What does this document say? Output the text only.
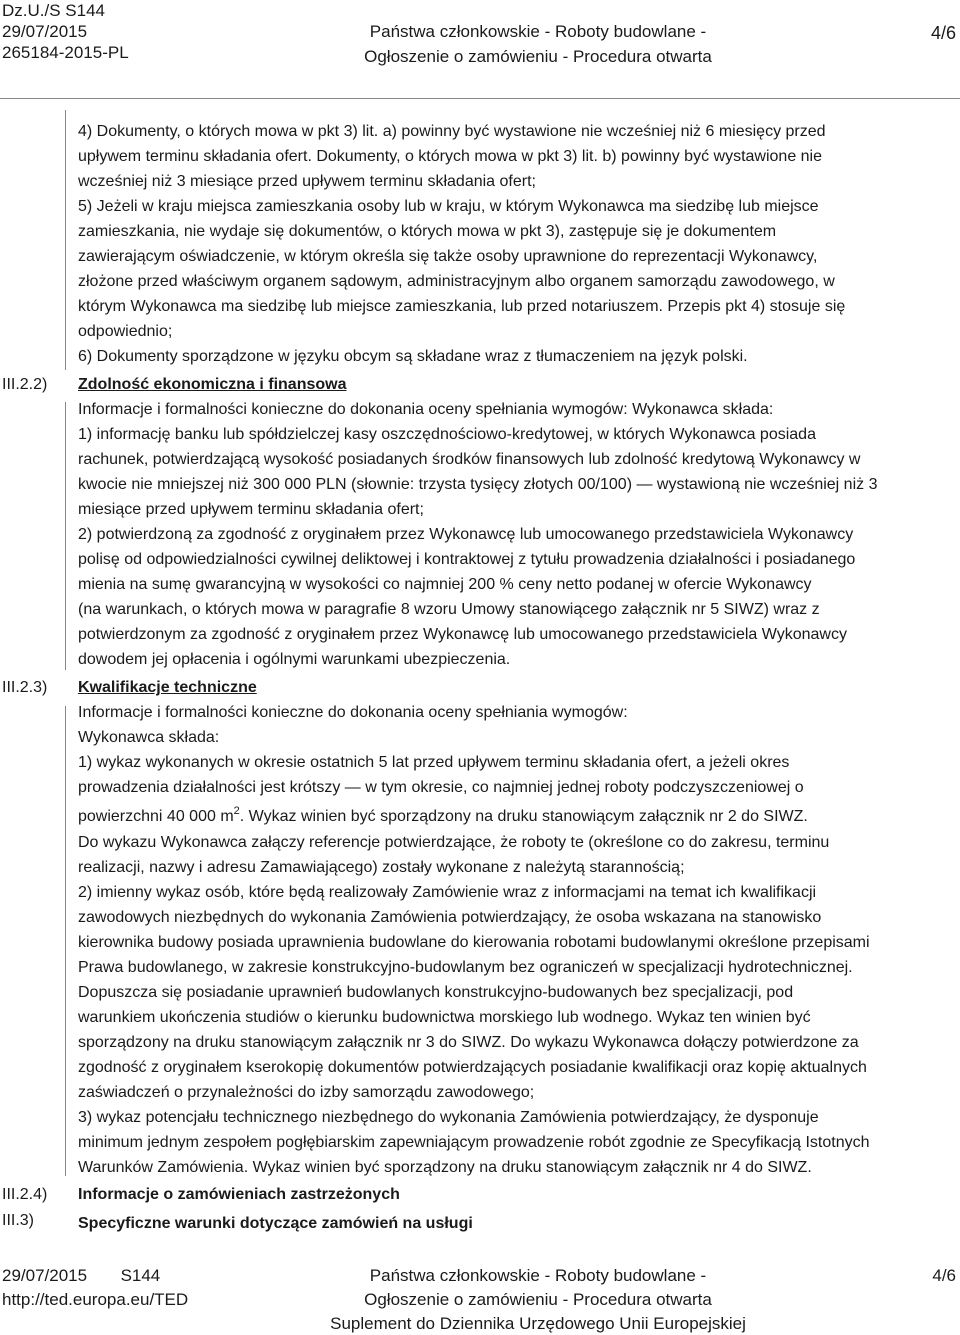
Dz.U./S S144
29/07/2015
265184-2015-PL
Państwa członkowskie - Roboty budowlane -
Ogłoszenie o zamówieniu - Procedura otwarta
4/6
III.2.2)
III.2.3)
III.2.4)
III.3)
4) Dokumenty, o których mowa w pkt 3) lit. a) powinny być wystawione nie wcześniej niż 6 miesięcy przed
upływem terminu składania ofert. Dokumenty, o których mowa w pkt 3) lit. b) powinny być wystawione nie
wcześniej niż 3 miesiące przed upływem terminu składania ofert;
5) Jeżeli w kraju miejsca zamieszkania osoby lub w kraju, w którym Wykonawca ma siedzibę lub miejsce
zamieszkania, nie wydaje się dokumentów, o których mowa w pkt 3), zastępuje się je dokumentem
zawierającym oświadczenie, w którym określa się także osoby uprawnione do reprezentacji Wykonawcy,
złożone przed właściwym organem sądowym, administracyjnym albo organem samorządu zawodowego, w
którym Wykonawca ma siedzibę lub miejsce zamieszkania, lub przed notariuszem. Przepis pkt 4) stosuje się
odpowiednio;
6) Dokumenty sporządzone w języku obcym są składane wraz z tłumaczeniem na język polski.
Zdolność ekonomiczna i finansowa
Informacje i formalności konieczne do dokonania oceny spełniania wymogów: Wykonawca składa:
1) informację banku lub spółdzielczej kasy oszczędnościowo-kredytowej, w których Wykonawca posiada
rachunek, potwierdzającą wysokość posiadanych środków finansowych lub zdolność kredytową Wykonawcy w
kwocie nie mniejszej niż 300 000 PLN (słownie: trzysta tysięcy złotych 00/100) — wystawioną nie wcześniej niż 3
miesiące przed upływem terminu składania ofert;
2) potwierdzoną za zgodność z oryginałem przez Wykonawcę lub umocowanego przedstawiciela Wykonawcy
polisę od odpowiedzialności cywilnej deliktowej i kontraktowej z tytułu prowadzenia działalności i posiadanego
mienia na sumę gwarancyjną w wysokości co najmniej 200 % ceny netto podanej w ofercie Wykonawcy
(na warunkach, o których mowa w paragrafie 8 wzoru Umowy stanowiącego załącznik nr 5 SIWZ) wraz z
potwierdzonym za zgodność z oryginałem przez Wykonawcę lub umocowanego przedstawiciela Wykonawcy
dowodem jej opłacenia i ogólnymi warunkami ubezpieczenia.
Kwalifikacje techniczne
Informacje i formalności konieczne do dokonania oceny spełniania wymogów:
Wykonawca składa:
1) wykaz wykonanych w okresie ostatnich 5 lat przed upływem terminu składania ofert, a jeżeli okres
prowadzenia działalności jest krótszy — w tym okresie, co najmniej jednej roboty podczyszczeniowej o
powierzchni 40 000 $m^2$. Wykaz winien być sporządzony na druku stanowiącym załącznik nr 2 do SIWZ.
Do wykazu Wykonawca załączy referencje potwierdzające, że roboty te (określone co do zakresu, terminu
realizacji, nazwy i adresu Zamawiającego) zostały wykonane z należytą starannością;
2) imienny wykaz osób, które będą realizowały Zamówienie wraz z informacjami na temat ich kwalifikacji
zawodowych niezbędnych do wykonania Zamówienia potwierdzający, że osoba wskazana na stanowisko
kierownika budowy posiada uprawnienia budowlane do kierowania robotami budowlanymi określone przepisami
Prawa budowlanego, w zakresie konstrukcyjno-budowlanym bez ograniczeń w specjalizacji hydrotechnicznej.
Dopuszcza się posiadanie uprawnień budowlanych konstrukcyjno-budowanych bez specjalizacji, pod
warunkiem ukończenia studiów o kierunku budownictwa morskiego lub wodnego. Wykaz ten winien być
sporządzony na druku stanowiącym załącznik nr 3 do SIWZ. Do wykazu Wykonawca dołączy potwierdzone za
zgodność z oryginałem kserokopię dokumentów potwierdzających posiadanie kwalifikacji oraz kopię aktualnych
zaświadczeń o przynależności do izby samorządu zawodowego;
3) wykaz potencjału technicznego niezbędnego do wykonania Zamówienia potwierdzający, że dysponuje
minimum jednym zespołem pogłębiarskim zapewniającym prowadzenie robót zgodnie ze Specyfikacją Istotnych
Warunków Zamówienia. Wykaz winien być sporządzony na druku stanowiącym załącznik nr 4 do SIWZ.
Informacje o zamówieniach zastrzeżonych
Specyficzne warunki dotyczące zamówień na usługi
29/07/2015 S144
http://ted.europa.eu/TED
Państwa członkowskie - Roboty budowlane -
Ogłoszenie o zamówieniu - Procedura otwarta
Suplement do Dziennika Urzędowego Unii Europejskiej
4/6
